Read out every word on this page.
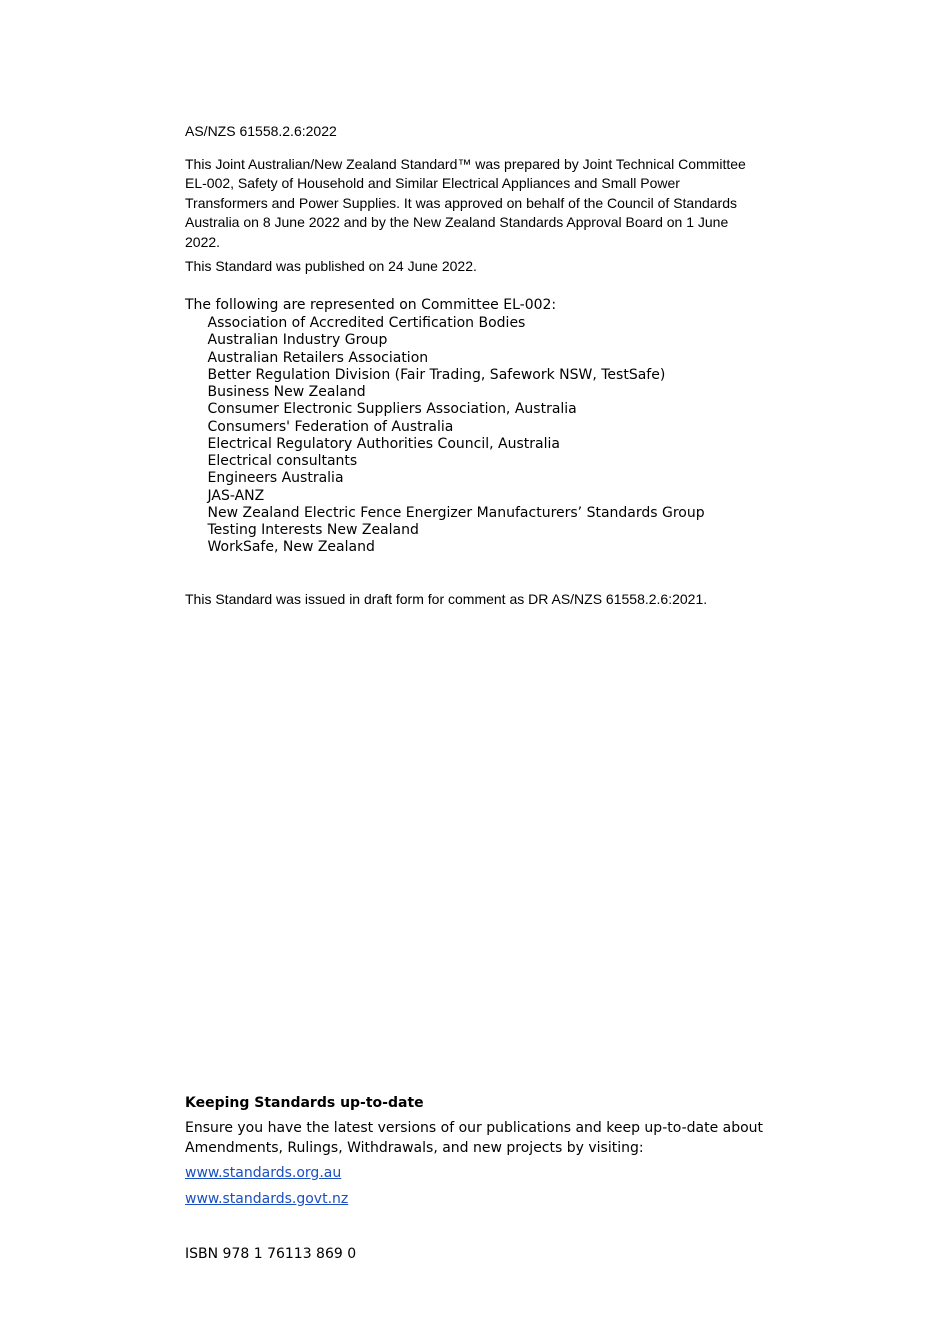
AS/NZS 61558.2.6:2022
This Joint Australian/New Zealand Standard™ was prepared by Joint Technical Committee EL-002, Safety of Household and Similar Electrical Appliances and Small Power Transformers and Power Supplies. It was approved on behalf of the Council of Standards Australia on 8 June 2022 and by the New Zealand Standards Approval Board on 1 June 2022.
This Standard was published on 24 June 2022.
The following are represented on Committee EL-002:
Association of Accredited Certification Bodies
Australian Industry Group
Australian Retailers Association
Better Regulation Division (Fair Trading, Safework NSW, TestSafe)
Business New Zealand
Consumer Electronic Suppliers Association, Australia
Consumers' Federation of Australia
Electrical Regulatory Authorities Council, Australia
Electrical consultants
Engineers Australia
JAS-ANZ
New Zealand Electric Fence Energizer Manufacturers’ Standards Group
Testing Interests New Zealand
WorkSafe, New Zealand
This Standard was issued in draft form for comment as DR AS/NZS 61558.2.6:2021.
Keeping Standards up-to-date
Ensure you have the latest versions of our publications and keep up-to-date about Amendments, Rulings, Withdrawals, and new projects by visiting:
www.standards.org.au
www.standards.govt.nz
ISBN 978 1 76113 869 0
